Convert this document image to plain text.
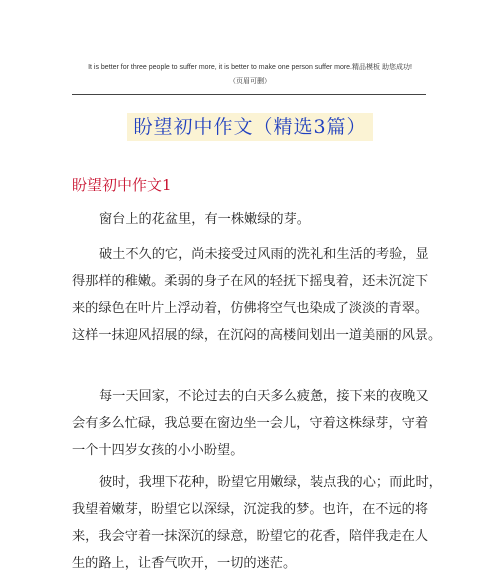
It is better for three people to suffer more, it is better to make one person suffer more.精品模板 助您成功!
（页眉可删）
盼望初中作文（精选3篇）
盼望初中作文1
窗台上的花盆里，有一株嫩绿的芽。
破土不久的它，尚未接受过风雨的洗礼和生活的考验，显
得那样的稚嫩。柔弱的身子在风的轻抚下摇曳着，还未沉淀下
来的绿色在叶片上浮动着，仿佛将空气也染成了淡淡的青翠。
这样一抹迎风招展的绿，在沉闷的高楼间划出一道美丽的风景。
每一天回家，不论过去的白天多么疲惫，接下来的夜晚又
会有多么忙碌，我总要在窗边坐一会儿，守着这株绿芽，守着
一个十四岁女孩的小小盼望。
彼时，我埋下花种，盼望它用嫩绿，装点我的心；而此时，
我望着嫩芽，盼望它以深绿，沉淀我的梦。也许，在不远的将
来，我会守着一抹深沉的绿意，盼望它的花香，陪伴我走在人
生的路上，让香气吹开，一切的迷茫。
